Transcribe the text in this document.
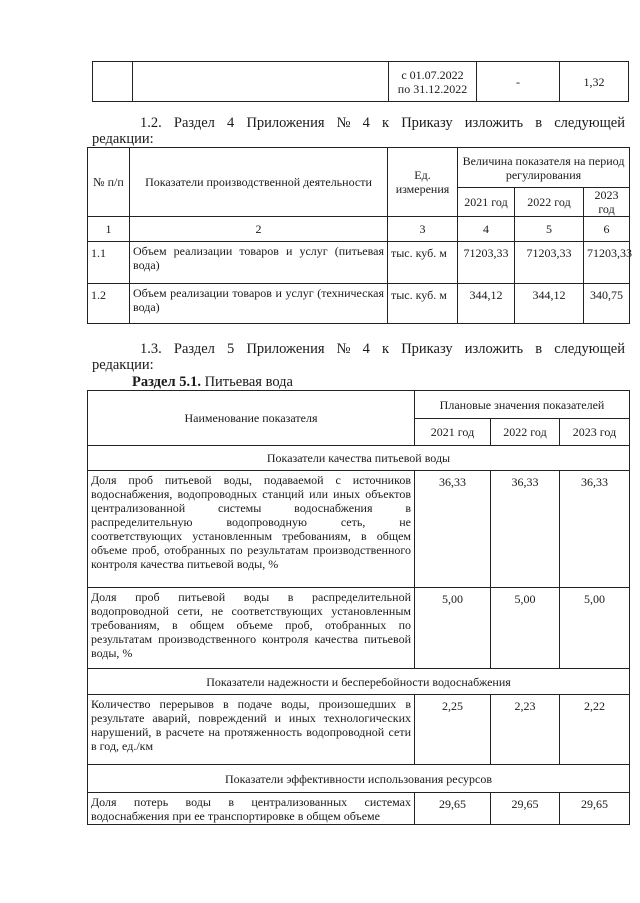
с 01.07.2022
по 31.12.2022	-	1,32
1.2. Раздел 4 Приложения № 4 к Приказу изложить в следующей
редакции:
№ п/п	Показатели производственной деятельности	Ед. измерения	Величина показателя на период регулирования		
			2021 год	2022 год	2023 год
1	2	3	4	5	6
1.1	Объем реализации товаров и услуг (питьевая вода)	тыс. куб. м	71203,33	71203,33	71203,33
1.2	Объем реализации товаров и услуг (техническая вода)	тыс. куб. м	344,12	344,12	340,75
1.3. Раздел 5 Приложения № 4 к Приказу изложить в следующей
редакции:
Раздел 5.1. Питьевая вода
Наименование показателя	Плановые значения показателей		
	2021 год	2022 год	2023 год
Показатели качества питьевой воды			
Доля проб питьевой воды, подаваемой с источников водоснабжения, водопроводных станций или иных объектов централизованной системы водоснабжения в распределительную водопроводную сеть, не соответствующих установленным требованиям, в общем объеме проб, отобранных по результатам производственного контроля качества питьевой воды, %	36,33	36,33	36,33
Доля проб питьевой воды в распределительной водопроводной сети, не соответствующих установленным требованиям, в общем объеме проб, отобранных по результатам производственного контроля качества питьевой воды, %	5,00	5,00	5,00
Показатели надежности и бесперебойности водоснабжения			
Количество перерывов в подаче воды, произошедших в результате аварий, повреждений и иных технологических нарушений, в расчете на протяженность водопроводной сети в год, ед./км	2,25	2,23	2,22
Показатели эффективности использования ресурсов			
Доля потерь воды в централизованных системах водоснабжения при ее транспортировке в общем объеме	29,65	29,65	29,65
